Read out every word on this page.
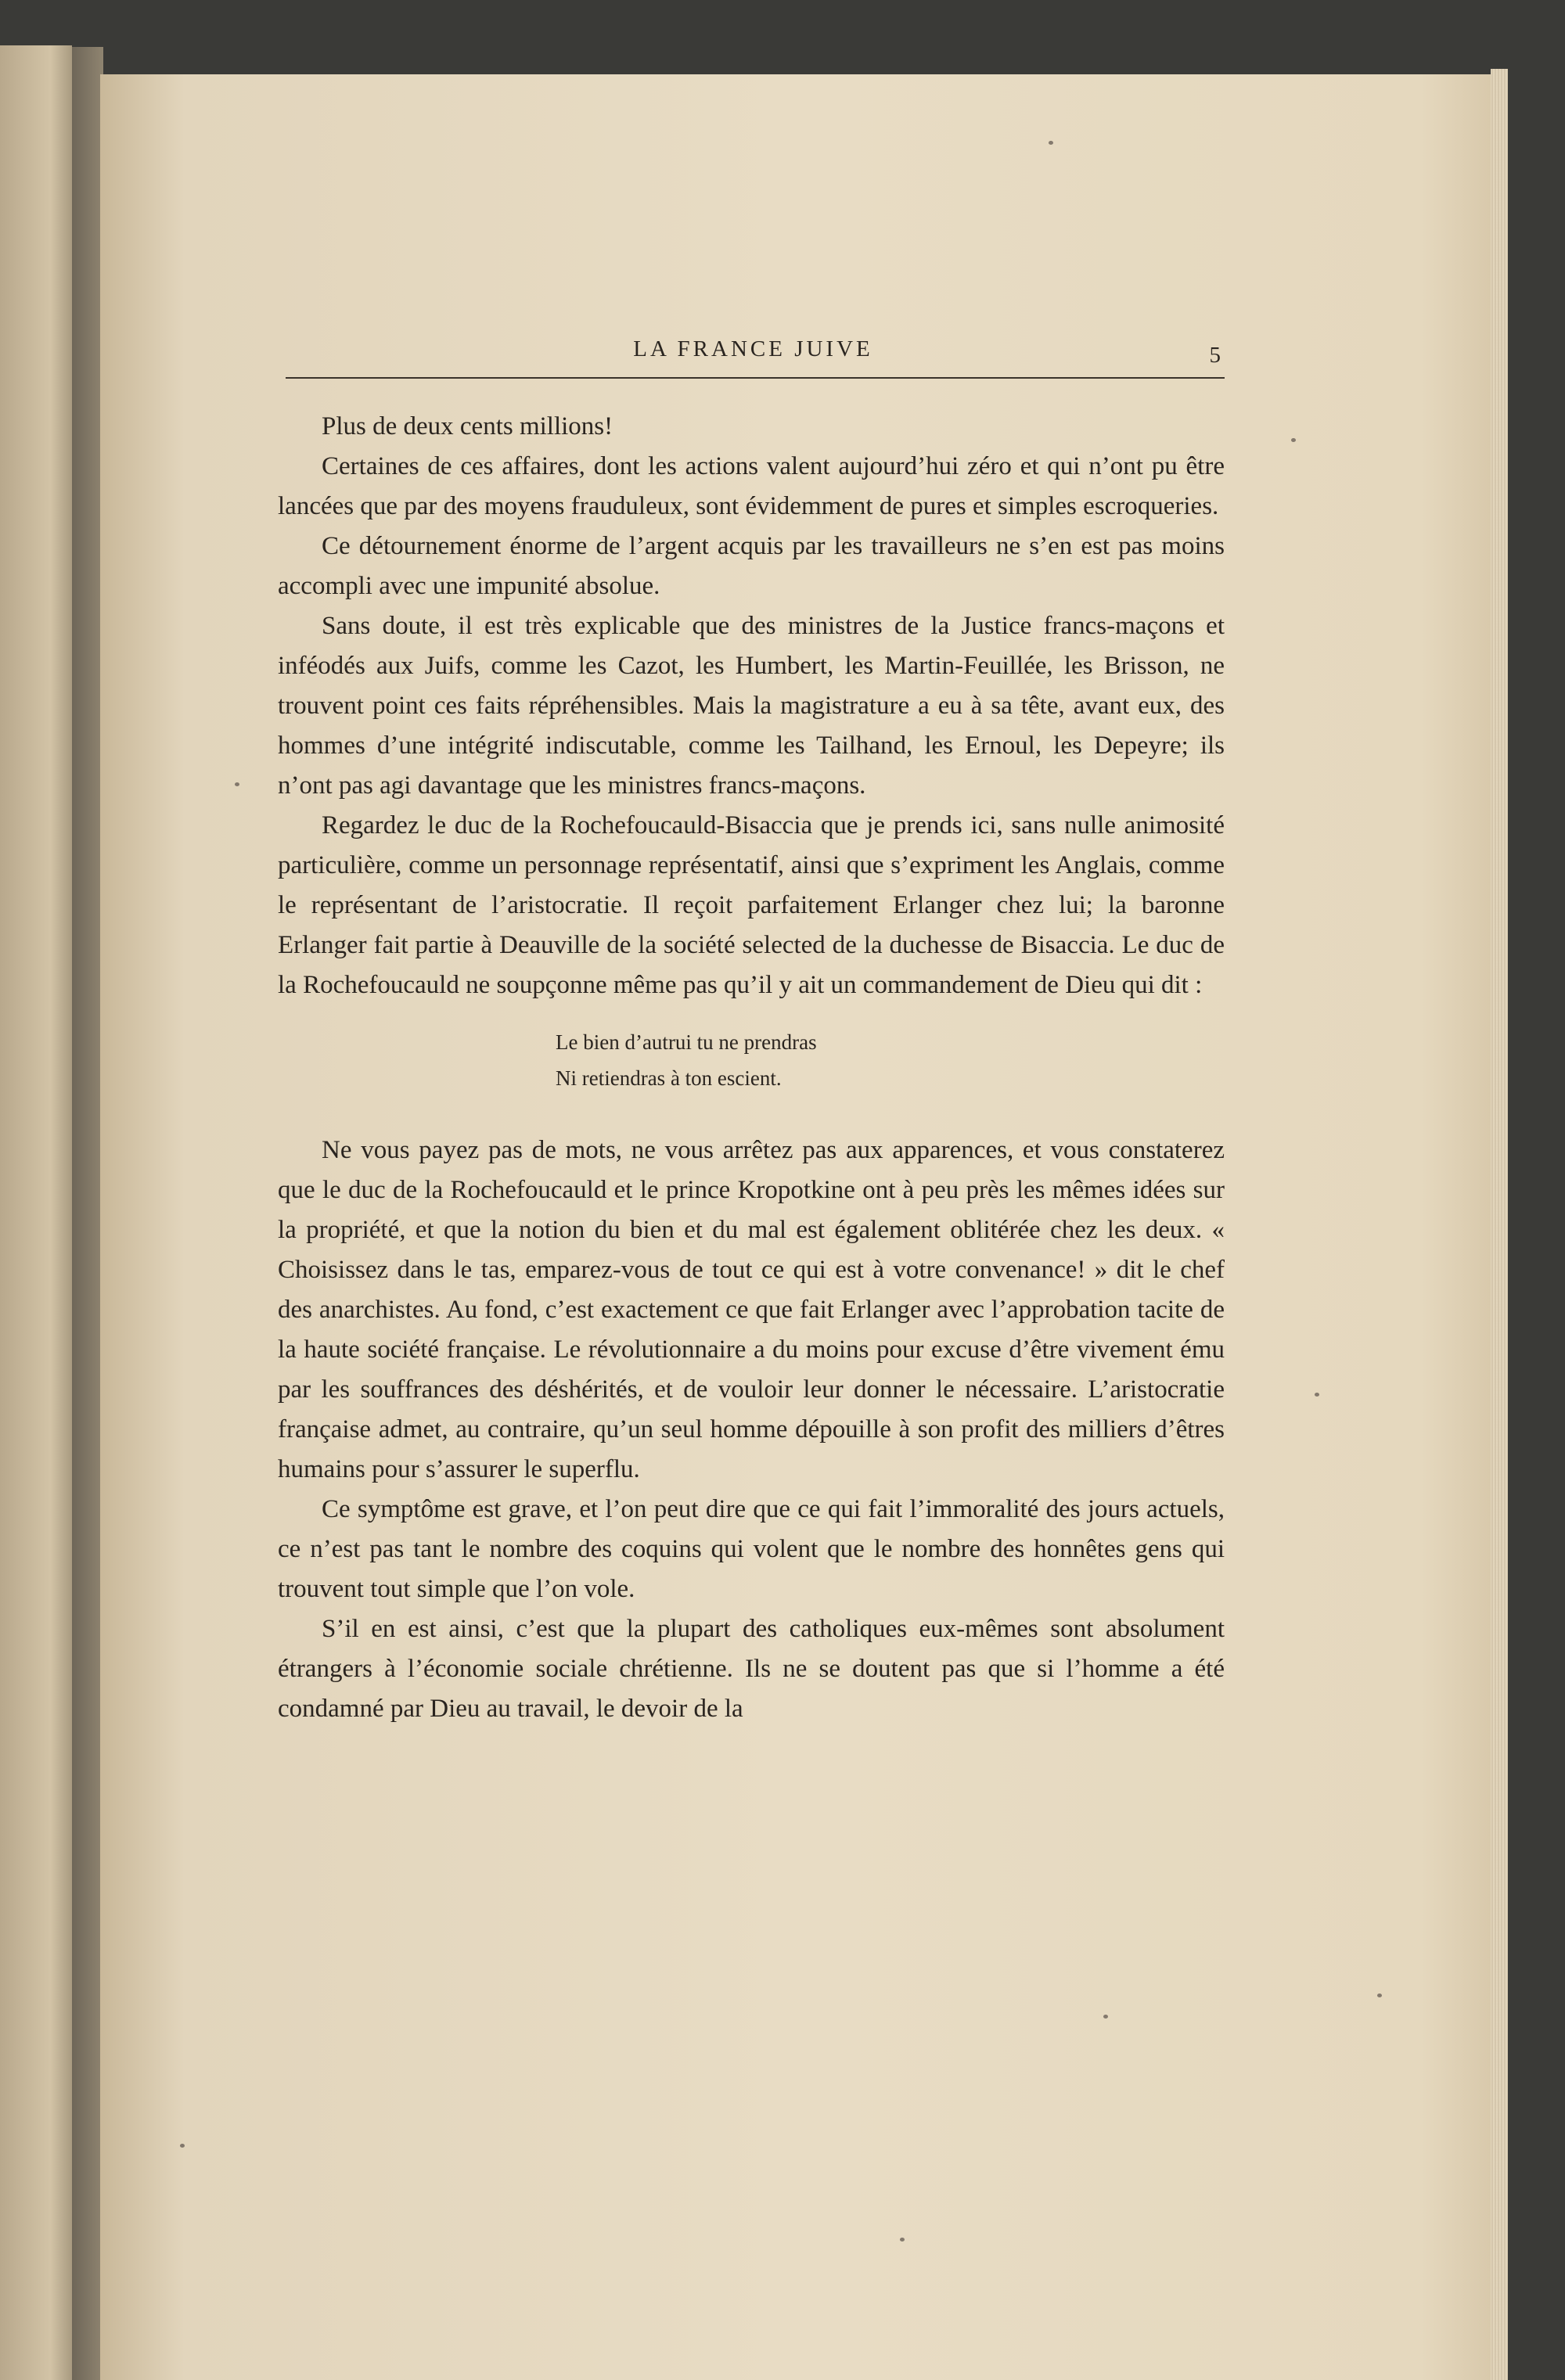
LA FRANCE JUIVE	5

Plus de deux cents millions!

Certaines de ces affaires, dont les actions valent aujourd’hui zéro et qui n’ont pu être lancées que par des moyens frauduleux, sont évidemment de pures et simples escroqueries.

Ce détournement énorme de l’argent acquis par les travailleurs ne s’en est pas moins accompli avec une impunité absolue.

Sans doute, il est très explicable que des ministres de la Justice francs-maçons et inféodés aux Juifs, comme les Cazot, les Humbert, les Martin-Feuillée, les Brisson, ne trouvent point ces faits répréhensibles. Mais la magistrature a eu à sa tête, avant eux, des hommes d’une intégrité indiscutable, comme les Tailhand, les Ernoul, les Depeyre; ils n’ont pas agi davantage que les ministres francs-maçons.

Regardez le duc de la Rochefoucauld-Bisaccia que je prends ici, sans nulle animosité particulière, comme un personnage représentatif, ainsi que s’expriment les Anglais, comme le représentant de l’aristocratie. Il reçoit parfaitement Erlanger chez lui; la baronne Erlanger fait partie à Deauville de la société selected de la duchesse de Bisaccia. Le duc de la Rochefoucauld ne soupçonne même pas qu’il y ait un commandement de Dieu qui dit :

Le bien d’autrui tu ne prendras
Ni retiendras à ton escient.

Ne vous payez pas de mots, ne vous arrêtez pas aux apparences, et vous constaterez que le duc de la Rochefoucauld et le prince Kropotkine ont à peu près les mêmes idées sur la propriété, et que la notion du bien et du mal est également oblitérée chez les deux. « Choisissez dans le tas, emparez-vous de tout ce qui est à votre convenance! » dit le chef des anarchistes. Au fond, c’est exactement ce que fait Erlanger avec l’approbation tacite de la haute société française. Le révolutionnaire a du moins pour excuse d’être vivement ému par les souffrances des déshérités, et de vouloir leur donner le nécessaire. L’aristocratie française admet, au contraire, qu’un seul homme dépouille à son profit des milliers d’êtres humains pour s’assurer le superflu.

Ce symptôme est grave, et l’on peut dire que ce qui fait l’immoralité des jours actuels, ce n’est pas tant le nombre des coquins qui volent que le nombre des honnêtes gens qui trouvent tout simple que l’on vole.

S’il en est ainsi, c’est que la plupart des catholiques eux-mêmes sont absolument étrangers à l’économie sociale chrétienne. Ils ne se doutent pas que si l’homme a été condamné par Dieu au travail, le devoir de la
